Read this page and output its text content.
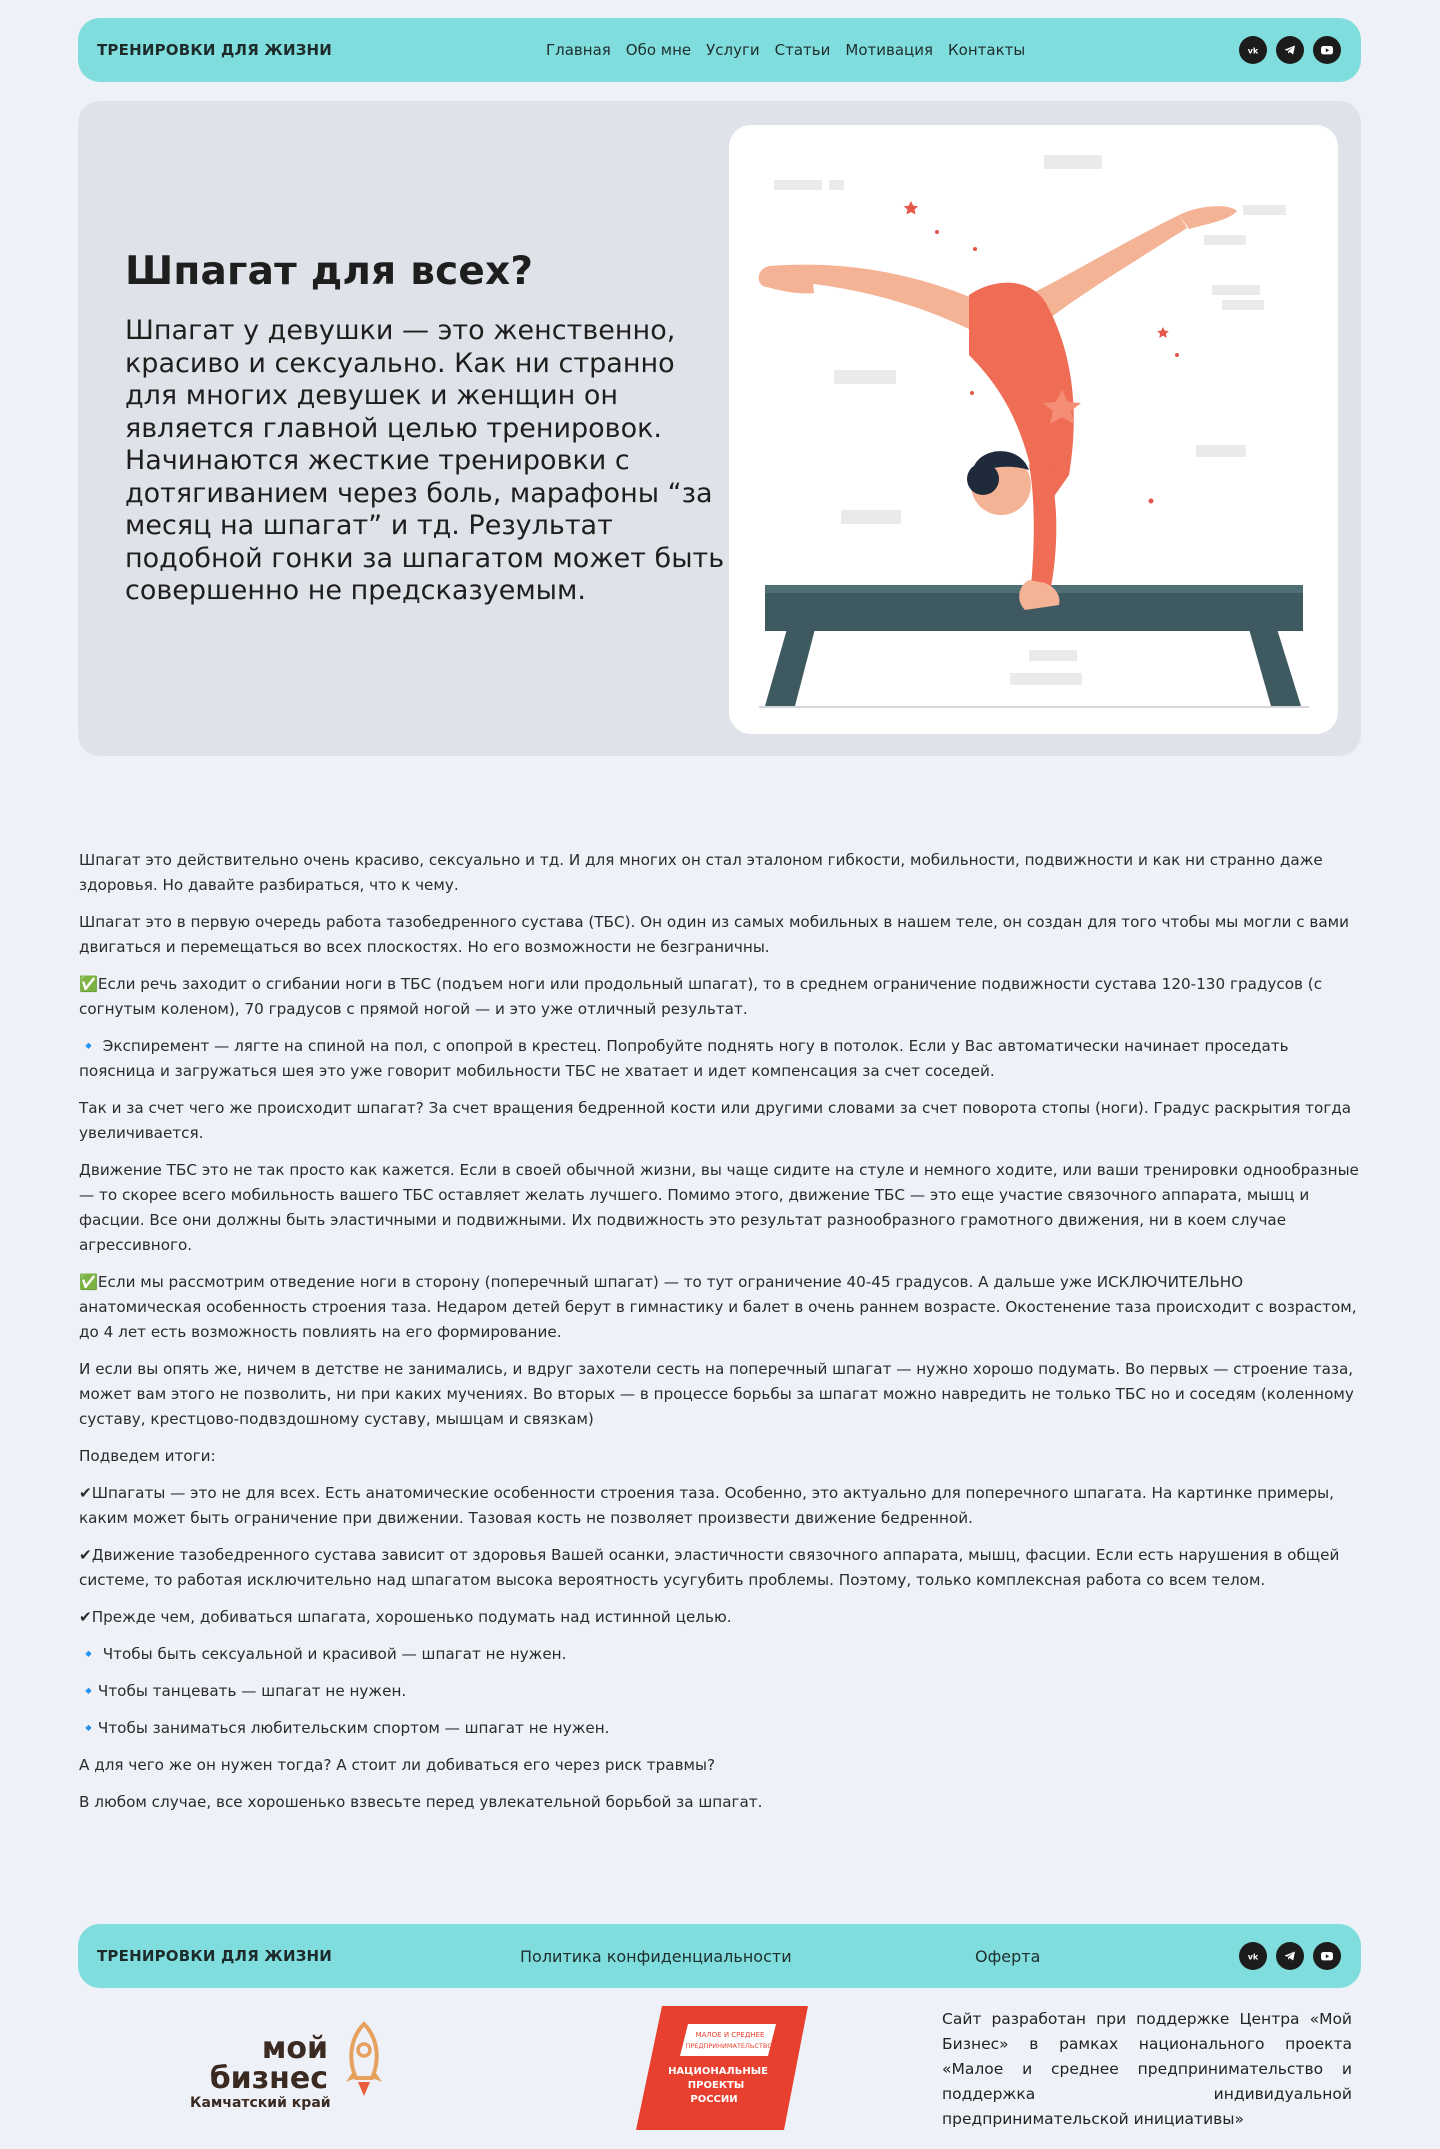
ТРЕНИРОВКИ ДЛЯ ЖИЗНИ	Главная Обо мне Услуги Статьи Мотивация Контакты	vk
Шпагат для всех?

Шпагат у девушки — это женственно, красиво и сексуально. Как ни странно для многих девушек и женщин он является главной целью тренировок. Начинаются жесткие тренировки с дотягиванием через боль, марафоны “за месяц на шпагат” и тд. Результат подобной гонки за шпагатом может быть совершенно не предсказуемым.

Шпагат это действительно очень красиво, сексуально и тд. И для многих он стал эталоном гибкости, мобильности, подвижности и как ни странно даже здоровья. Но давайте разбираться, что к чему.

Шпагат это в первую очередь работа тазобедренного сустава (ТБС). Он один из самых мобильных в нашем теле, он создан для того чтобы мы могли с вами двигаться и перемещаться во всех плоскостях. Но его возможности не безграничны.

✅Если речь заходит о сгибании ноги в ТБС (подъем ноги или продольный шпагат), то в среднем ограничение подвижности сустава 120-130 градусов (с согнутым коленом), 70 градусов с прямой ногой — и это уже отличный результат.

🔹 Экспиремент — лягте на спиной на пол, с опопрой в крестец. Попробуйте поднять ногу в потолок. Если у Вас автоматически начинает проседать поясница и загружаться шея это уже говорит мобильности ТБС не хватает и идет компенсация за счет соседей.

Так и за счет чего же происходит шпагат? За счет вращения бедренной кости или другими словами за счет поворота стопы (ноги). Градус раскрытия тогда увеличивается.

Движение ТБС это не так просто как кажется. Если в своей обычной жизни, вы чаще сидите на стуле и немного ходите, или ваши тренировки однообразные — то скорее всего мобильность вашего ТБС оставляет желать лучшего. Помимо этого, движение ТБС — это еще участие связочного аппарата, мышц и фасции. Все они должны быть эластичными и подвижными. Их подвижность это результат разнообразного грамотного движения, ни в коем случае агрессивного.

✅Если мы рассмотрим отведение ноги в сторону (поперечный шпагат) — то тут ограничение 40-45 градусов. А дальше уже ИСКЛЮЧИТЕЛЬНО анатомическая особенность строения таза. Недаром детей берут в гимнастику и балет в очень раннем возрасте. Окостенение таза происходит с возрастом, до 4 лет есть возможность повлиять на его формирование.

И если вы опять же, ничем в детстве не занимались, и вдруг захотели сесть на поперечный шпагат — нужно хорошо подумать. Во первых — строение таза, может вам этого не позволить, ни при каких мучениях. Во вторых — в процессе борьбы за шпагат можно навредить не только ТБС но и соседям (коленному суставу, крестцово-подвздошному суставу, мышцам и связкам)

Подведем итоги:

✔Шпагаты — это не для всех. Есть анатомические особенности строения таза. Особенно, это актуально для поперечного шпагата. На картинке примеры, каким может быть ограничение при движении. Тазовая кость не позволяет произвести движение бедренной.

✔Движение тазобедренного сустава зависит от здоровья Вашей осанки, эластичности связочного аппарата, мышц, фасции. Если есть нарушения в общей системе, то работая исключительно над шпагатом высока вероятность усугубить проблемы. Поэтому, только комплексная работа со всем телом.

✔Прежде чем, добиваться шпагата, хорошенько подумать над истинной целью.

🔹 Чтобы быть сексуальной и красивой — шпагат не нужен.

🔹Чтобы танцевать — шпагат не нужен.

🔹Чтобы заниматься любительским спортом — шпагат не нужен.

А для чего же он нужен тогда? А стоит ли добиваться его через риск травмы?

В любом случае, все хорошенько взвесьте перед увлекательной борьбой за шпагат.

ТРЕНИРОВКИ ДЛЯ ЖИЗНИ	Политика конфиденциальности	Оферта	vk
мой
бизнес
Камчатский край
МАЛОЕ И СРЕДНЕЕ
ПРЕДПРИНИМАТЕЛЬСТВО
НАЦИОНАЛЬНЫЕ
ПРОЕКТЫ
РОССИИ

Сайт разработан при поддержке Центра «Мой Бизнес» в рамках национального проекта «Малое и среднее предпринимательство и поддержка индивидуальной предпринимательской инициативы»
